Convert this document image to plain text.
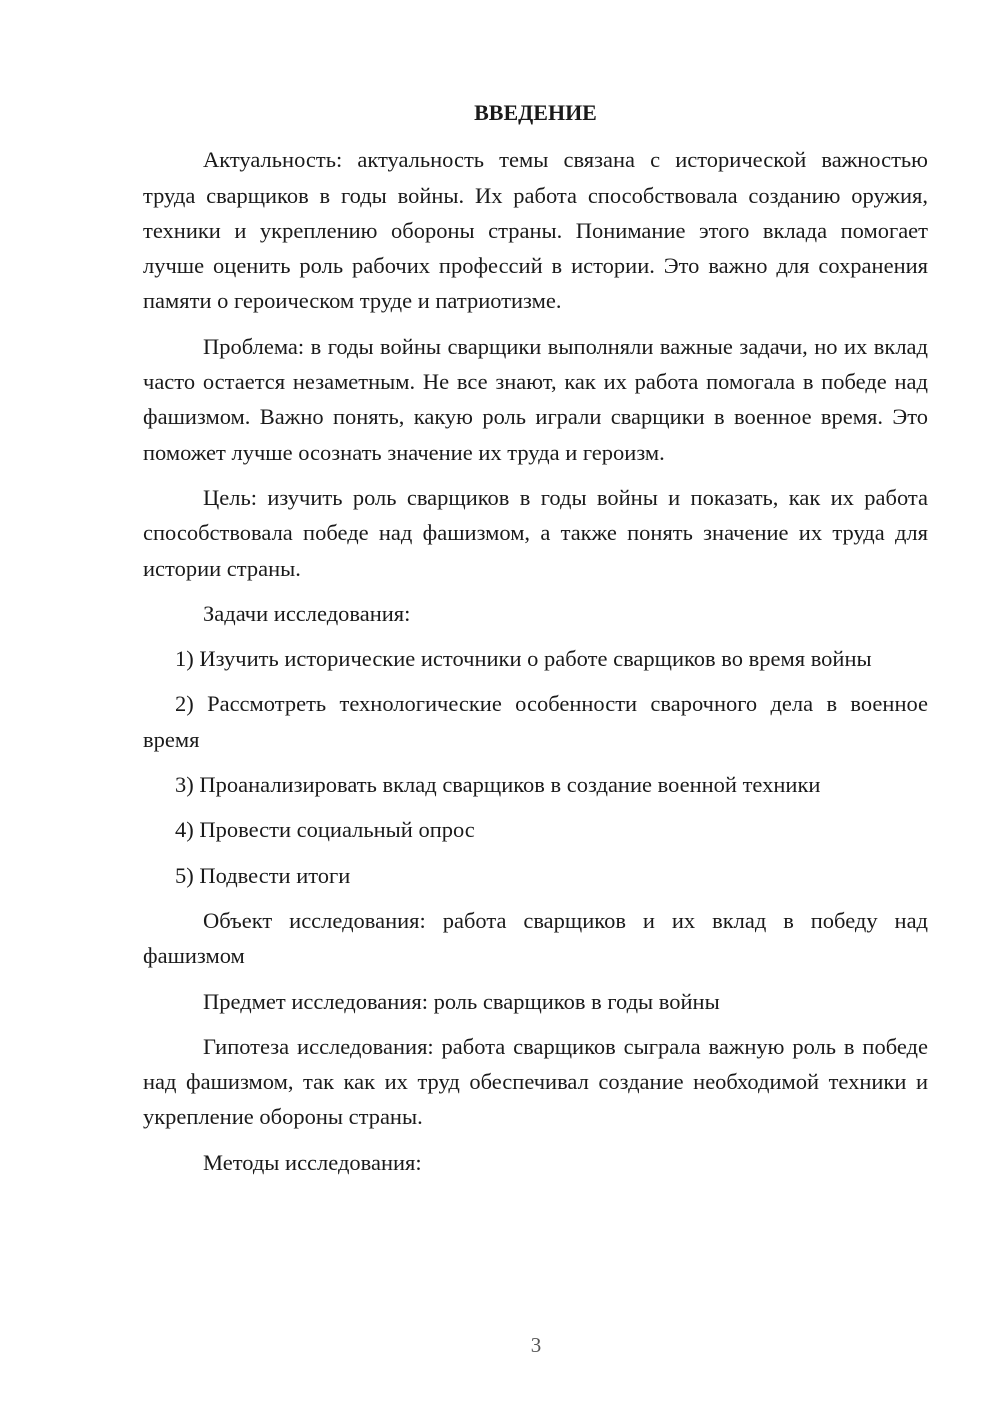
ВВЕДЕНИЕ

Актуальность: актуальность темы связана с исторической важностью труда сварщиков в годы войны. Их работа способствовала созданию оружия, техники и укреплению обороны страны. Понимание этого вклада помогает лучше оценить роль рабочих профессий в истории. Это важно для сохранения памяти о героическом труде и патриотизме.

Проблема: в годы войны сварщики выполняли важные задачи, но их вклад часто остается незаметным. Не все знают, как их работа помогала в победе над фашизмом. Важно понять, какую роль играли сварщики в военное время. Это поможет лучше осознать значение их труда и героизм.

Цель: изучить роль сварщиков в годы войны и показать, как их работа способствовала победе над фашизмом, а также понять значение их труда для истории страны.

Задачи исследования:

1) Изучить исторические источники о работе сварщиков во время войны

2) Рассмотреть технологические особенности сварочного дела в военное время

3) Проанализировать вклад сварщиков в создание военной техники

4) Провести социальный опрос

5) Подвести итоги

Объект исследования: работа сварщиков и их вклад в победу над фашизмом

Предмет исследования: роль сварщиков в годы войны

Гипотеза исследования: работа сварщиков сыграла важную роль в победе над фашизмом, так как их труд обеспечивал создание необходимой техники и укрепление обороны страны.

Методы исследования:

3
